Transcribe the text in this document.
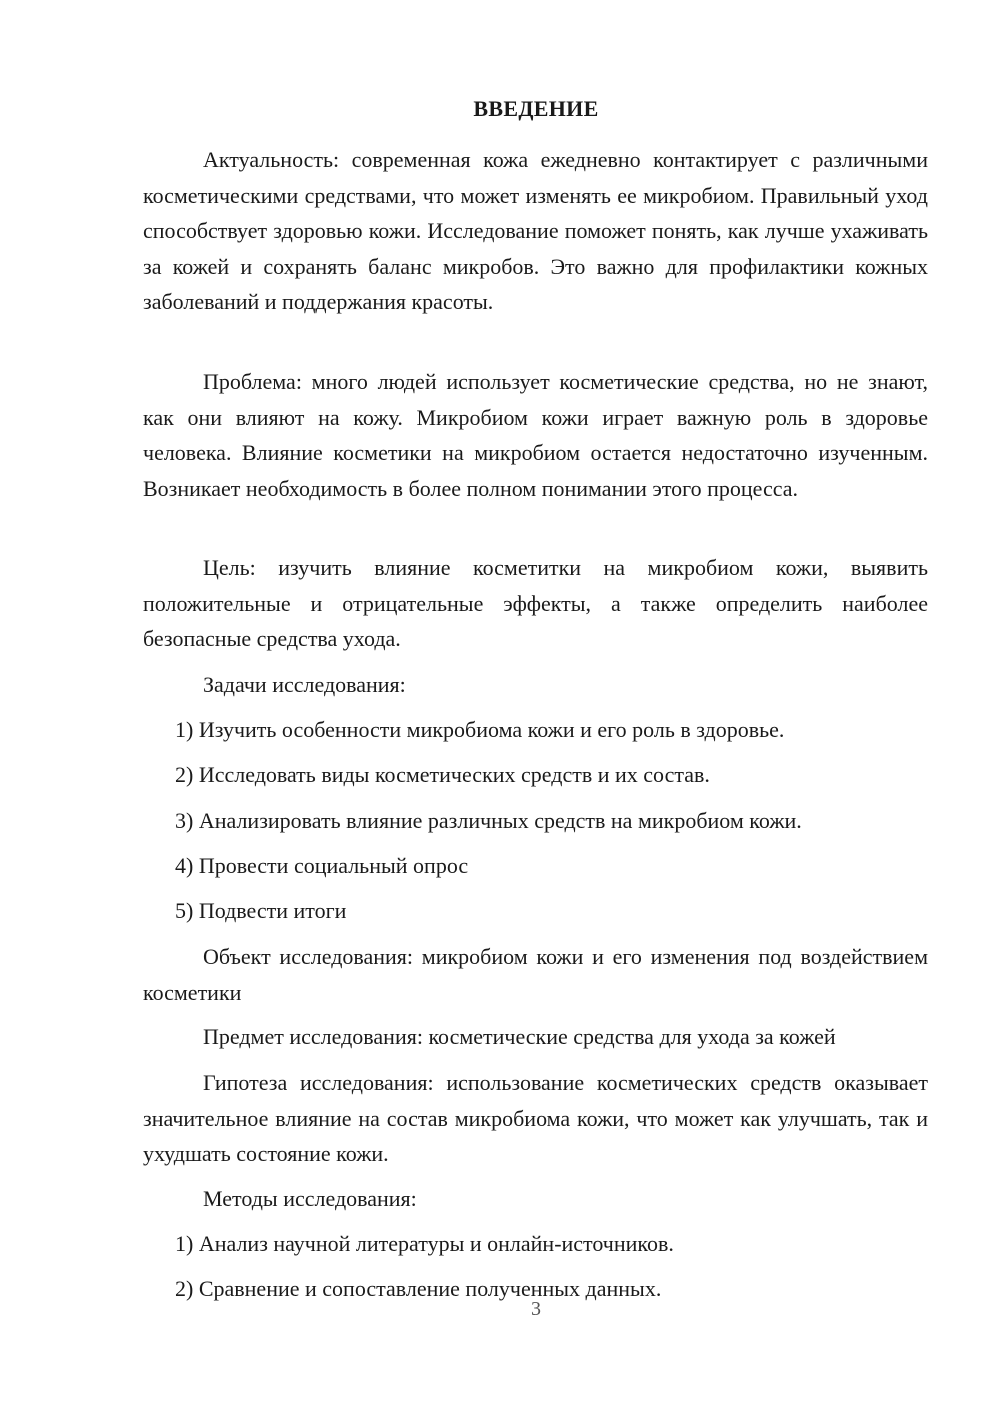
ВВЕДЕНИЕ
Актуальность: современная кожа ежедневно контактирует с различными косметическими средствами, что может изменять ее микробиом. Правильный уход способствует здоровью кожи. Исследование поможет понять, как лучше ухаживать за кожей и сохранять баланс микробов. Это важно для профилактики кожных заболеваний и поддержания красоты.
Проблема: много людей использует косметические средства, но не знают, как они влияют на кожу. Микробиом кожи играет важную роль в здоровье человека. Влияние косметики на микробиом остается недостаточно изученным. Возникает необходимость в более полном понимании этого процесса.
Цель: изучить влияние косметитки на микробиом кожи, выявить положительные и отрицательные эффекты, а также определить наиболее безопасные средства ухода.
Задачи исследования:
1) Изучить особенности микробиома кожи и его роль в здоровье.
2) Исследовать виды косметических средств и их состав.
3) Анализировать влияние различных средств на микробиом кожи.
4) Провести социальный опрос
5) Подвести итоги
Объект исследования: микробиом кожи и его изменения под воздействием косметики
Предмет исследования: косметические средства для ухода за кожей
Гипотеза исследования: использование косметических средств оказывает значительное влияние на состав микробиома кожи, что может как улучшать, так и ухудшать состояние кожи.
Методы исследования:
1) Анализ научной литературы и онлайн-источников.
2) Сравнение и сопоставление полученных данных.
3
